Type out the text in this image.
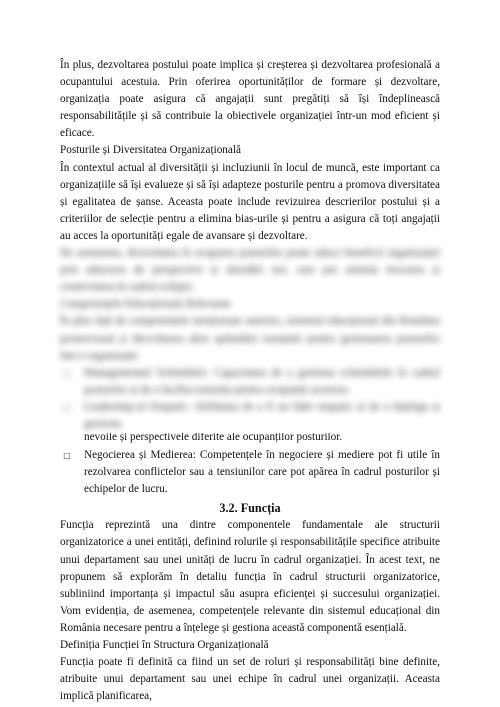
În plus, dezvoltarea postului poate implica și creșterea și dezvoltarea profesională a ocupantului acestuia. Prin oferirea oportunităților de formare și dezvoltare, organizația poate asigura că angajații sunt pregătiți să își îndeplinească responsabilitățile și să contribuie la obiectivele organizației într-un mod eficient și eficace.

Posturile și Diversitatea Organizațională

În contextul actual al diversității și incluziunii în locul de muncă, este important ca organizațiile să își evalueze și să își adapteze posturile pentru a promova diversitatea și egalitatea de șanse. Aceasta poate include revizuirea descrierilor postului și a criteriilor de selecție pentru a elimina bias-urile și pentru a asigura că toți angajații au acces la oportunități egale de avansare și dezvoltare.

De asemenea, diversitatea în ocuparea posturilor poate aduce beneficii organizației prin aducerea de perspective și abordări noi, care pot stimula inovarea și creativitatea în cadrul echipei.

Competențele Educaționale Relevante

În plus față de competențele menționate anterior, sistemul educațional din România promovează și dezvoltarea altor aptitudini esențiale pentru gestionarea posturilor într-o organizație:

□ Managementul Schimbării: Capacitatea de a gestiona schimbările în cadrul posturilor și de a facilita tranziția pentru ocupanții acestora.
□ Leadership-ul Empatic: Abilitatea de a fi un lider empatic și de a înțelege și gestiona
nevoile și perspectivele diferite ale ocupanților posturilor.
□ Negocierea și Medierea: Competențele în negociere și mediere pot fi utile în rezolvarea conflictelor sau a tensiunilor care pot apărea în cadrul posturilor și echipelor de lucru.
3.2. Funcția

Funcția reprezintă una dintre componentele fundamentale ale structurii organizatorice a unei entități, definind rolurile și responsabilitățile specifice atribuite unui departament sau unei unități de lucru în cadrul organizației. În acest text, ne propunem să explorăm în detaliu funcția în cadrul structurii organizatorice, subliniind importanța și impactul său asupra eficienței și succesului organizației. Vom evidenția, de asemenea, competențele relevante din sistemul educațional din România necesare pentru a înțelege și gestiona această componentă esențială.

Definiția Funcției în Structura Organizațională

Funcția poate fi definită ca fiind un set de roluri și responsabilități bine definite, atribuite unui departament sau unei echipe în cadrul unei organizații. Aceasta implică planificarea,
